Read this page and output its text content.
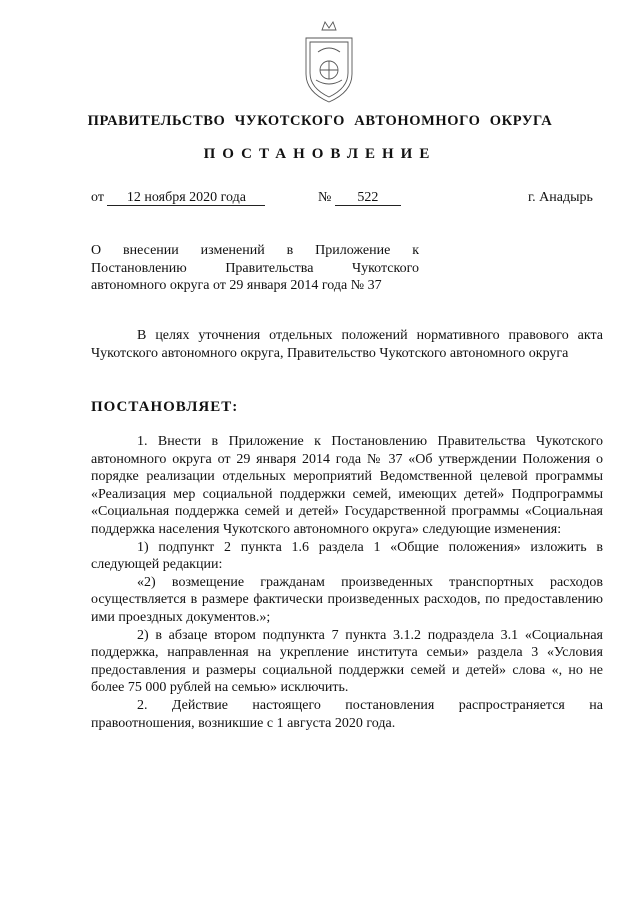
ПРАВИТЕЛЬСТВО ЧУКОТСКОГО АВТОНОМНОГО ОКРУГА
ПОСТАНОВЛЕНИЕ
от 12 ноября 2020 года	№ 522	г. Анадырь
О внесении изменений в Приложение к
Постановлению Правительства Чукотского
автономного округа от 29 января 2014 года № 37

В целях уточнения отдельных положений нормативного правового акта Чукотского автономного округа, Правительство Чукотского автономного округа

ПОСТАНОВЛЯЕТ:

1. Внести в Приложение к Постановлению Правительства Чукотского автономного округа от 29 января 2014 года № 37 «Об утверждении Положения о порядке реализации отдельных мероприятий Ведомственной целевой программы «Реализация мер социальной поддержки семей, имеющих детей» Подпрограммы «Социальная поддержка семей и детей» Государственной программы «Социальная поддержка населения Чукотского автономного округа» следующие изменения:

1) подпункт 2 пункта 1.6 раздела 1 «Общие положения» изложить в следующей редакции:

«2) возмещение гражданам произведенных транспортных расходов осуществляется в размере фактически произведенных расходов, по предоставлению ими проездных документов.»;

2) в абзаце втором подпункта 7 пункта 3.1.2 подраздела 3.1 «Социальная поддержка, направленная на укрепление института семьи» раздела 3 «Условия предоставления и размеры социальной поддержки семей и детей» слова «, но не более 75 000 рублей на семью» исключить.

2. Действие настоящего постановления распространяется на правоотношения, возникшие с 1 августа 2020 года.
